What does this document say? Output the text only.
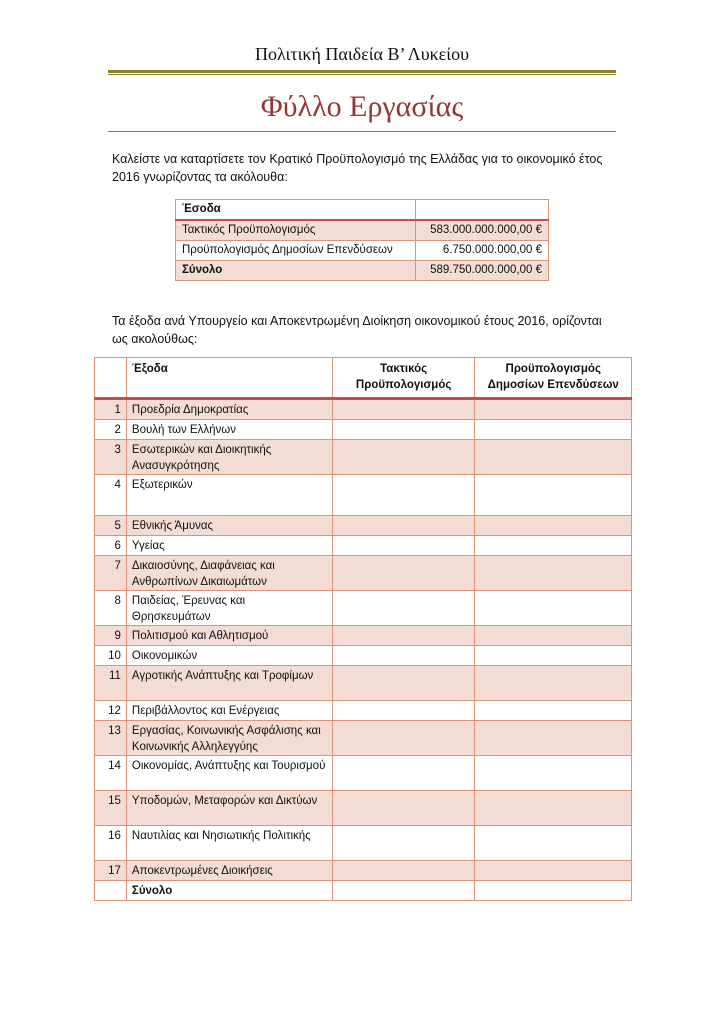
Πολιτική Παιδεία Β’ Λυκείου
Φύλλο Εργασίας
Καλείστε να καταρτίσετε τον Κρατικό Προϋπολογισμό της Ελλάδας για το οικονομικό έτος 2016 γνωρίζοντας τα ακόλουθα:
Έσοδα	
Τακτικός Προϋπολογισμός	583.000.000.000,00 €
Προϋπολογισμός Δημοσίων Επενδύσεων	6.750.000.000,00 €
Σύνολο	589.750.000.000,00 €
Τα έξοδα ανά Υπουργείο και Αποκεντρωμένη Διοίκηση οικονομικού έτους 2016, ορίζονται ως ακολούθως:
	Έξοδα	Τακτικός Προϋπολογισμός	Προϋπολογισμός Δημοσίων Επενδύσεων
1	Προεδρία Δημοκρατίας		
2	Βουλή των Ελλήνων		
3	Εσωτερικών και Διοικητικής Ανασυγκρότησης		
4	Εξωτερικών		
5	Εθνικής Άμυνας		
6	Υγείας		
7	Δικαιοσύνης, Διαφάνειας και Ανθρωπίνων Δικαιωμάτων		
8	Παιδείας, Έρευνας και Θρησκευμάτων		
9	Πολιτισμού και Αθλητισμού		
10	Οικονομικών		
11	Αγροτικής Ανάπτυξης και Τροφίμων		
12	Περιβάλλοντος και Ενέργειας		
13	Εργασίας, Κοινωνικής Ασφάλισης και Κοινωνικής Αλληλεγγύης		
14	Οικονομίας, Ανάπτυξης και Τουρισμού		
15	Υποδομών, Μεταφορών και Δικτύων		
16	Ναυτιλίας και Νησιωτικής Πολιτικής		
17	Αποκεντρωμένες Διοικήσεις		
	Σύνολο		
